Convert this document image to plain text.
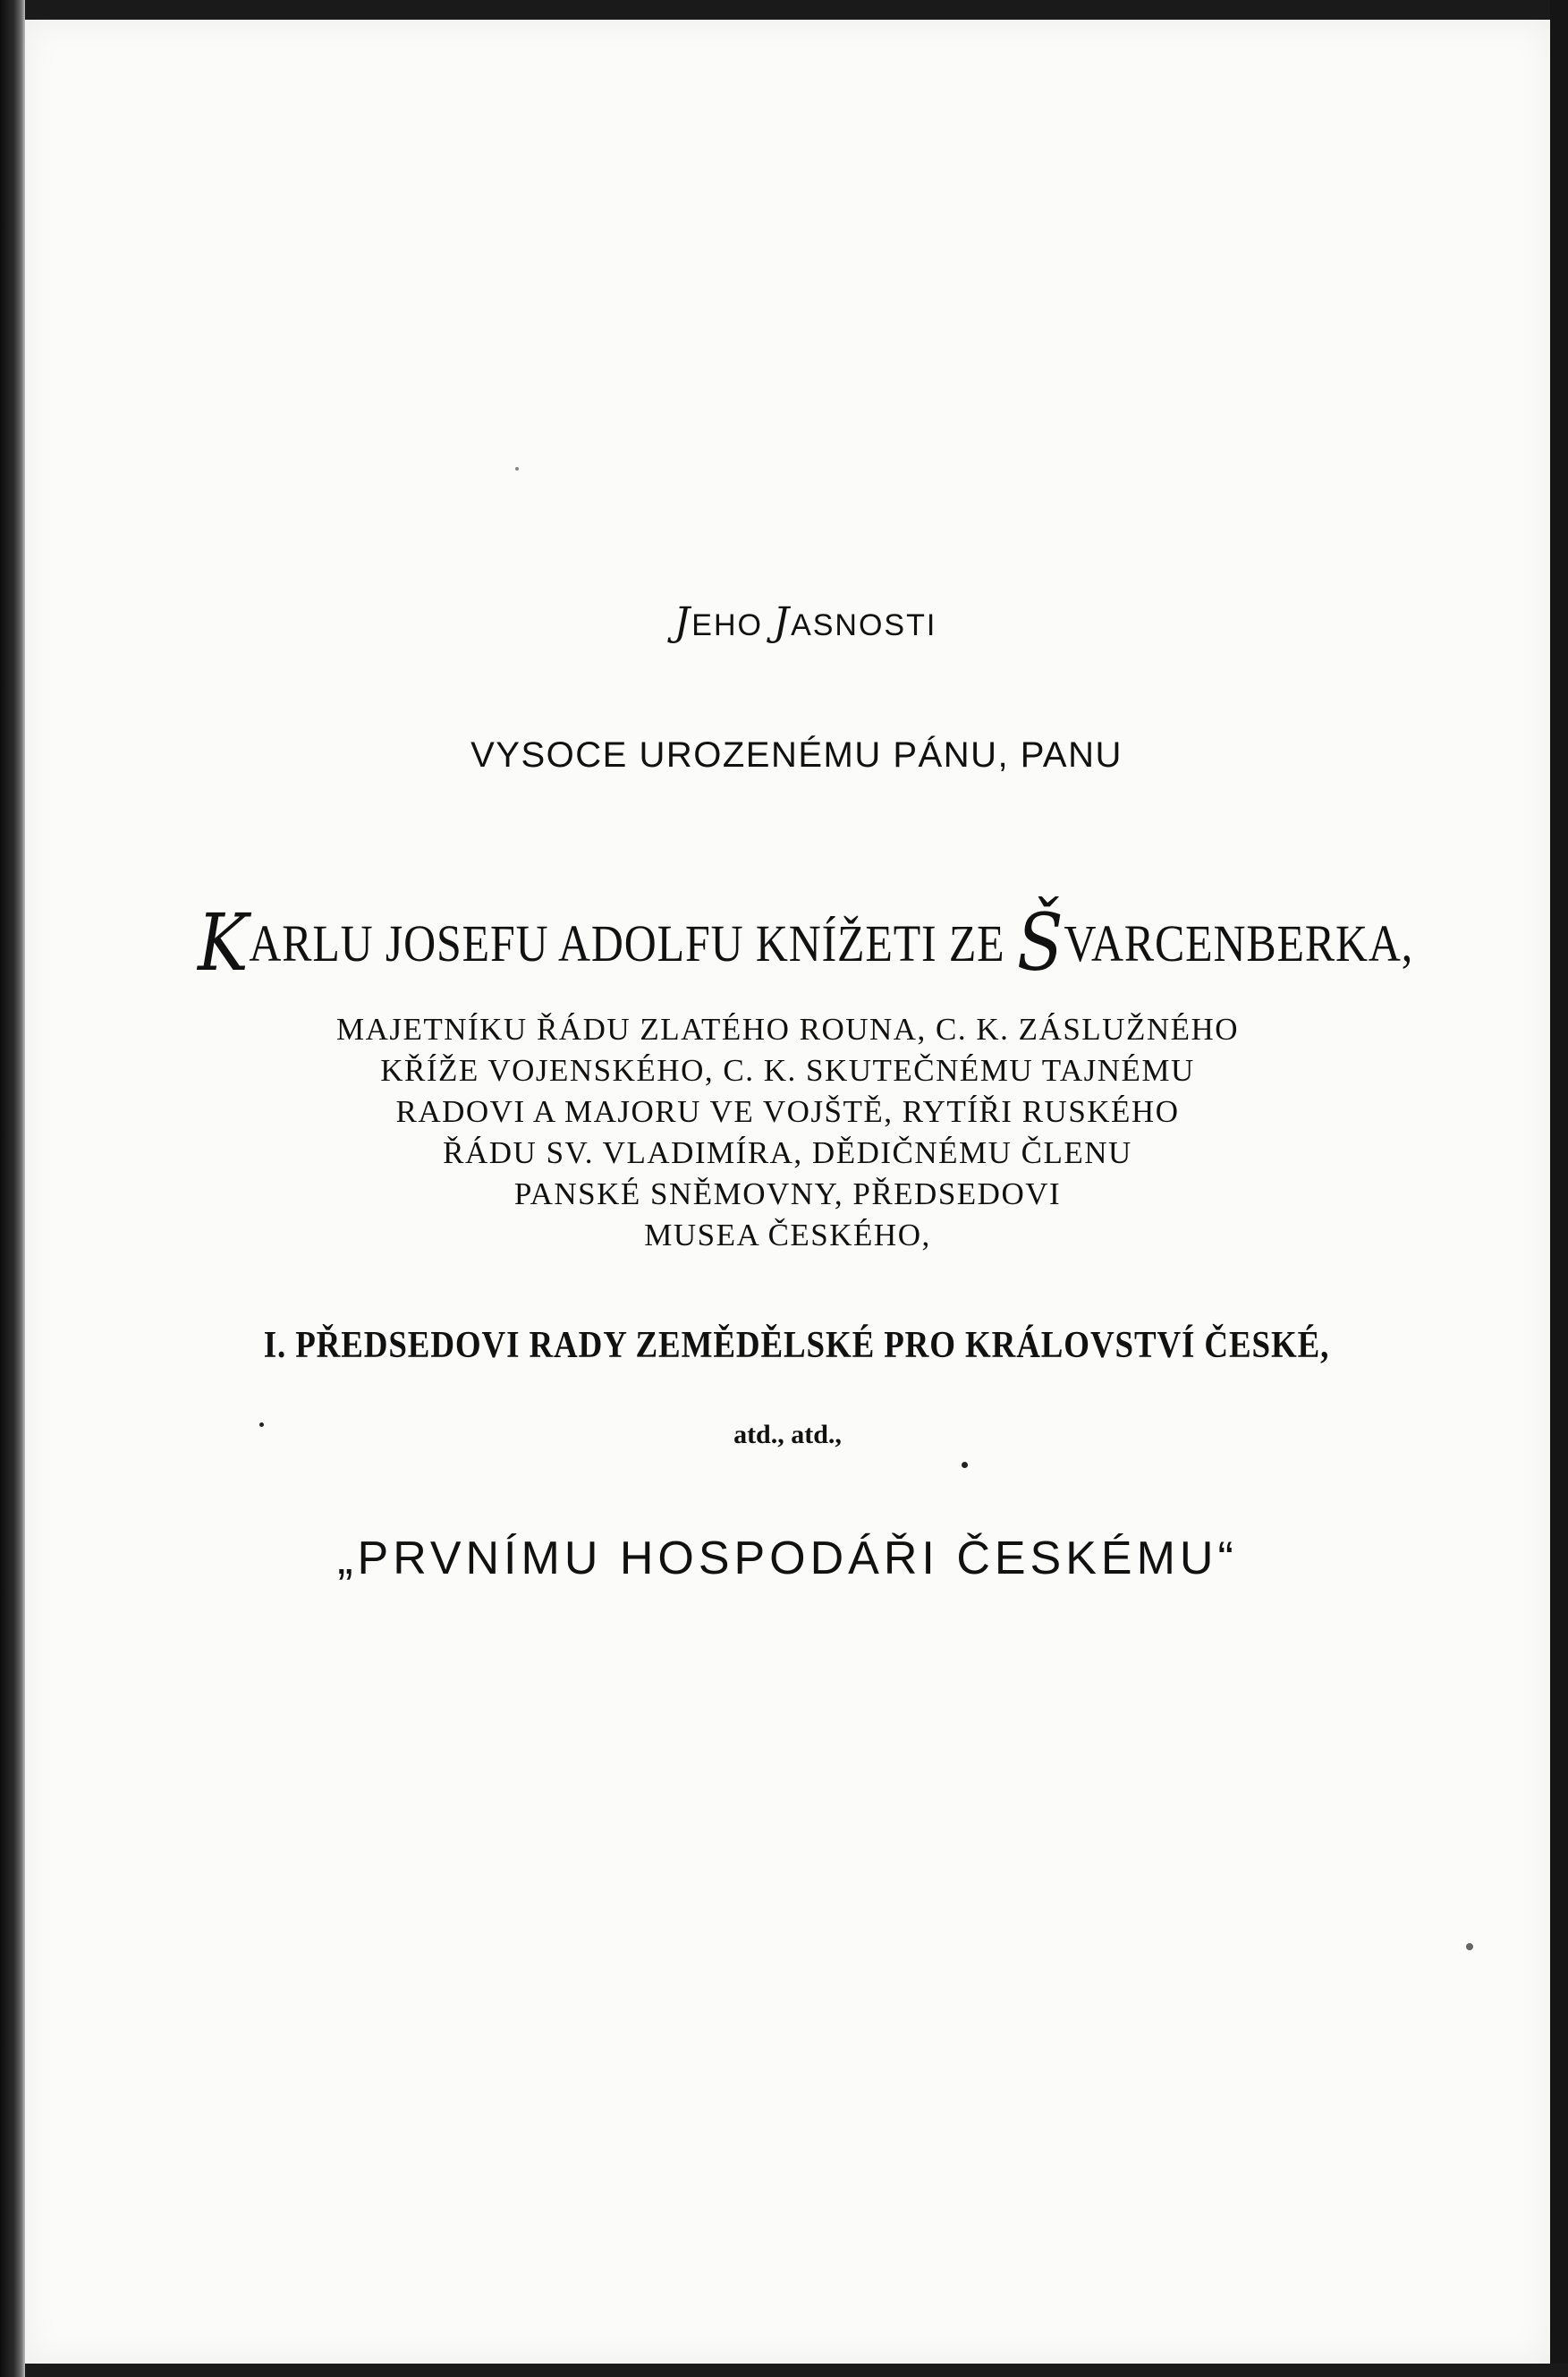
JEHO JASNOSTI
VYSOCE UROZENÉMU PÁNU, PANU
KARLU JOSEFU ADOLFU KNÍŽETI ZE ŠVARCENBERKA,
MAJETNÍKU ŘÁDU ZLATÉHO ROUNA, C. K. ZÁSLUŽNÉHO
KŘÍŽE VOJENSKÉHO, C. K. SKUTEČNÉMU TAJNÉMU
RADOVI A MAJORU VE VOJŠTĚ, RYTÍŘI RUSKÉHO
ŘÁDU SV. VLADIMÍRA, DĚDIČNÉMU ČLENU
PANSKÉ SNĚMOVNY, PŘEDSEDOVI
MUSEA ČESKÉHO,
I. PŘEDSEDOVI RADY ZEMĚDĚLSKÉ PRO KRÁLOVSTVÍ ČESKÉ,
atd., atd.,
„PRVNÍMU HOSPODÁŘI ČESKÉMU“
